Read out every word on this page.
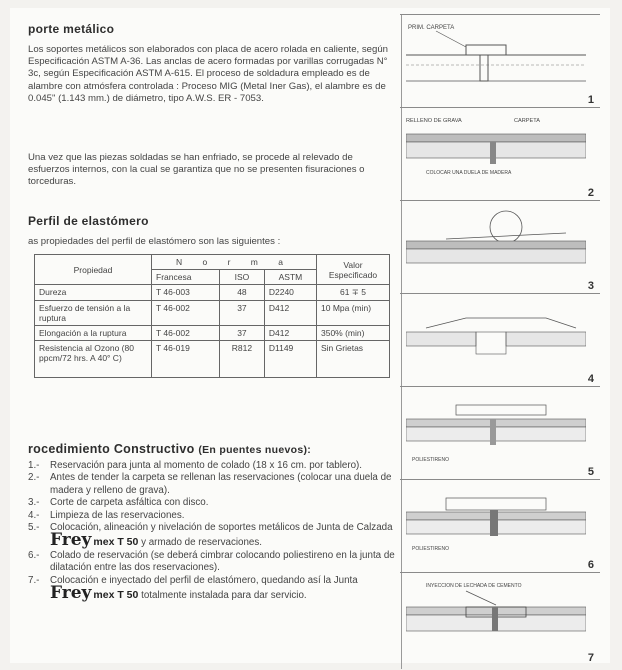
porte metálico

Los soportes metálicos son elaborados con placa de acero rolada en caliente, según Especificación ASTM A-36. Las anclas de acero formadas por varillas corrugadas N° 3c, según Especificación ASTM A-615. El proceso de soldadura empleado es de alambre con atmósfera controlada : Proceso MIG (Metal Iner Gas), el alambre es de 0.045" (1.143 mm.) de diámetro, tipo A.W.S. ER - 7053.

Una vez que las piezas soldadas se han enfriado, se procede al relevado de esfuerzos internos, con la cual se garantiza que no se presenten fisuraciones o torceduras.

Perfil de elastómero

as propiedades del perfil de elastómero son las siguientes :

Propiedad	N o r m a			Valor Especificado
	Francesa	ISO	ASTM	
Dureza	T 46-003	48	D2240	61 ∓ 5
Esfuerzo de tensión a la ruptura	T 46-002	37	D412	10 Mpa (min)
Elongación a la ruptura	T 46-002	37	D412	350% (min)
Resistencia al Ozono (80 ppcm/72 hrs. A 40° C)	T 46-019	R812	D1149	Sin Grietas
rocedimiento Constructivo (En puentes nuevos):
1.-	Reservación para junta al momento de colado (18 x 16 cm. por tablero).
2.-	Antes de tender la carpeta se rellenan las reservaciones (colocar una duela de madera y relleno de grava).
3.-	Corte de carpeta asfáltica con disco.
4.-	Limpieza de las reservaciones.
5.-	Colocación, alineación y nivelación de soportes metálicos de Junta de Calzada
Frey mex T 50 y armado de reservaciones.
6.-	Colado de reservación (se deberá cimbrar colocando poliestireno en la junta de dilatación entre las dos reservaciones).
7.-	Colocación e inyectado del perfil de elastómero, quedando así la Junta
Frey mex T 50 totalmente instalada para dar servicio.
PRIM. CARPETA
1
RELLENO DE GRAVA	CARPETA
COLOCAR UNA DUELA DE MADERA
2
3
4
POLIESTIRENO
5
POLIESTIRENO
6
INYECCION DE LECHADA DE CEMENTO
7
